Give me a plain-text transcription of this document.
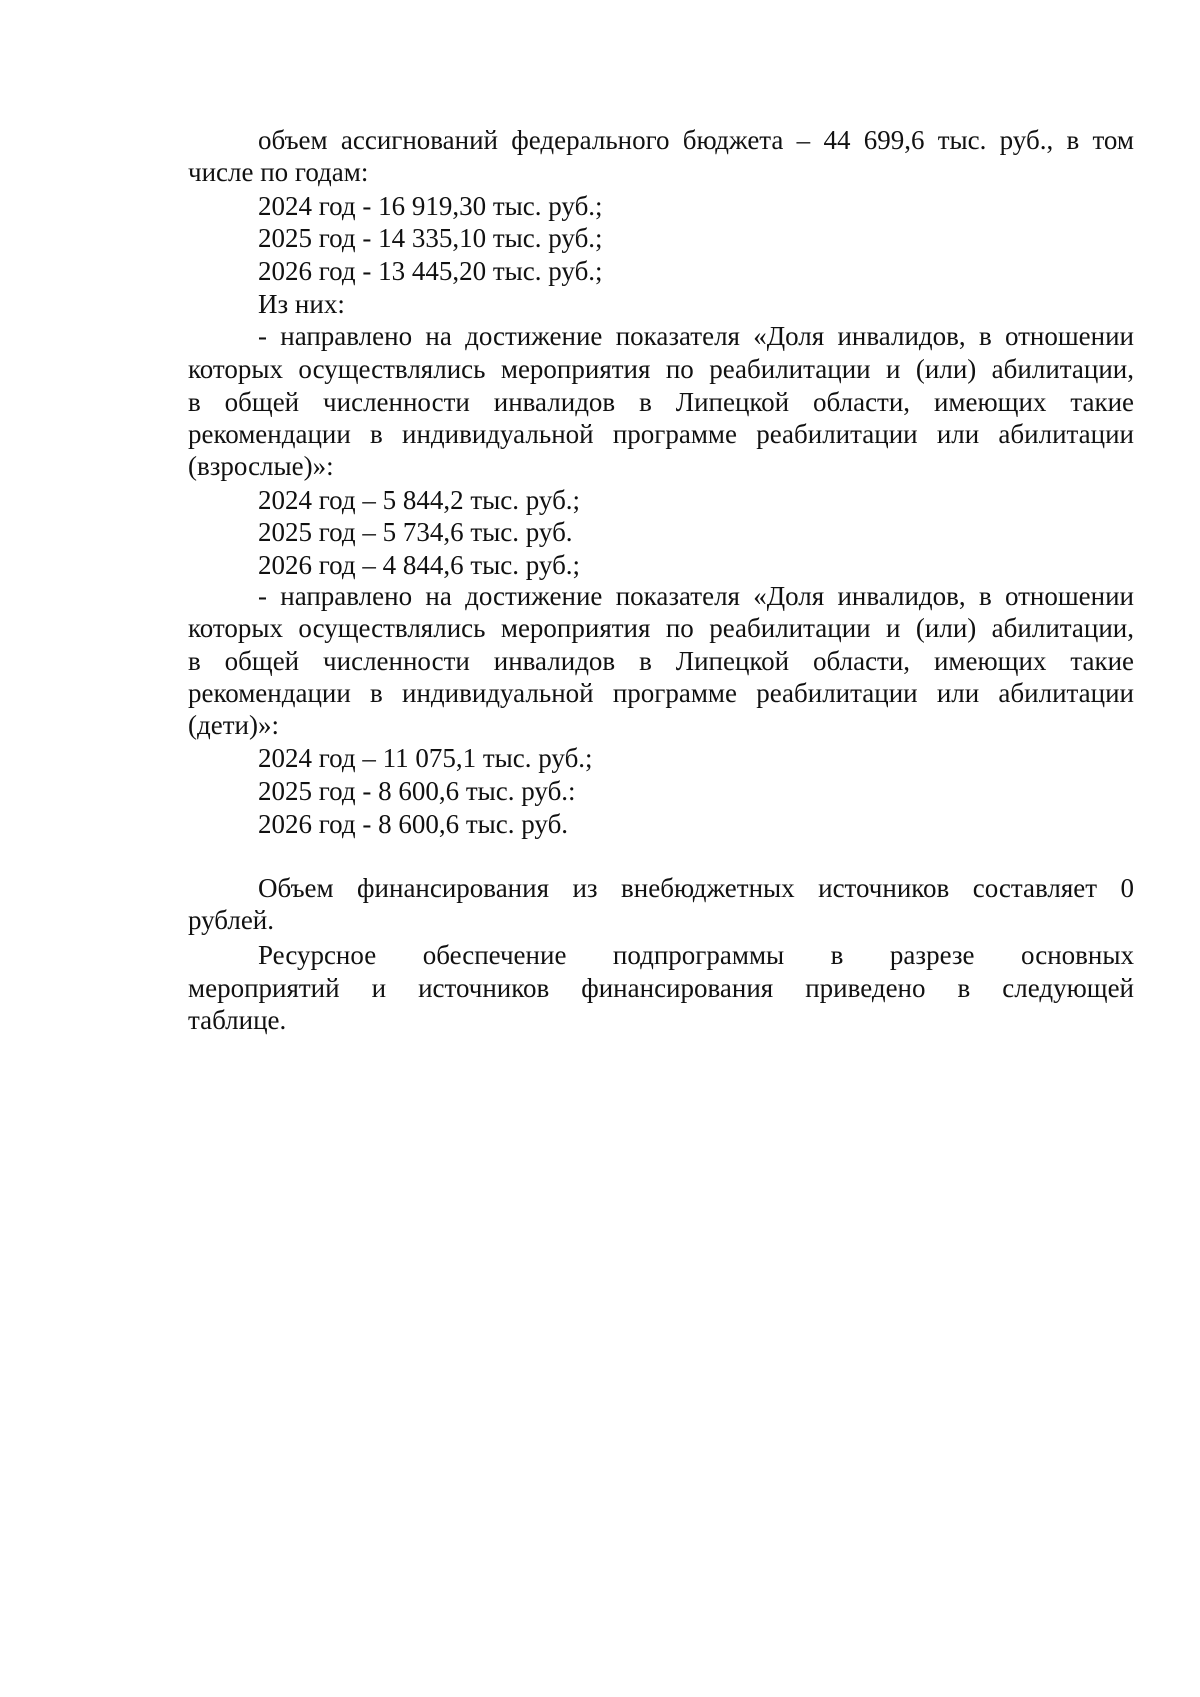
объем ассигнований федерального бюджета – 44 699,6 тыс. руб., в том
числе по годам:
2024 год - 16 919,30 тыс. руб.;
2025 год - 14 335,10 тыс. руб.;
2026 год - 13 445,20 тыс. руб.;
Из них:
- направлено на достижение показателя «Доля инвалидов, в отношении
которых осуществлялись мероприятия по реабилитации и (или) абилитации,
в общей численности инвалидов в Липецкой области, имеющих такие
рекомендации в индивидуальной программе реабилитации или абилитации
(взрослые)»:
2024 год – 5 844,2 тыс. руб.;
2025 год – 5 734,6 тыс. руб.
2026 год – 4 844,6 тыс. руб.;
- направлено на достижение показателя «Доля инвалидов, в отношении
которых осуществлялись мероприятия по реабилитации и (или) абилитации,
в общей численности инвалидов в Липецкой области, имеющих такие
рекомендации в индивидуальной программе реабилитации или абилитации
(дети)»:
2024 год – 11 075,1 тыс. руб.;
2025 год - 8 600,6 тыс. руб.:
2026 год - 8 600,6 тыс. руб.
Объем финансирования из внебюджетных источников составляет 0
рублей.
Ресурсное обеспечение подпрограммы в разрезе основных
мероприятий и источников финансирования приведено в следующей
таблице.
